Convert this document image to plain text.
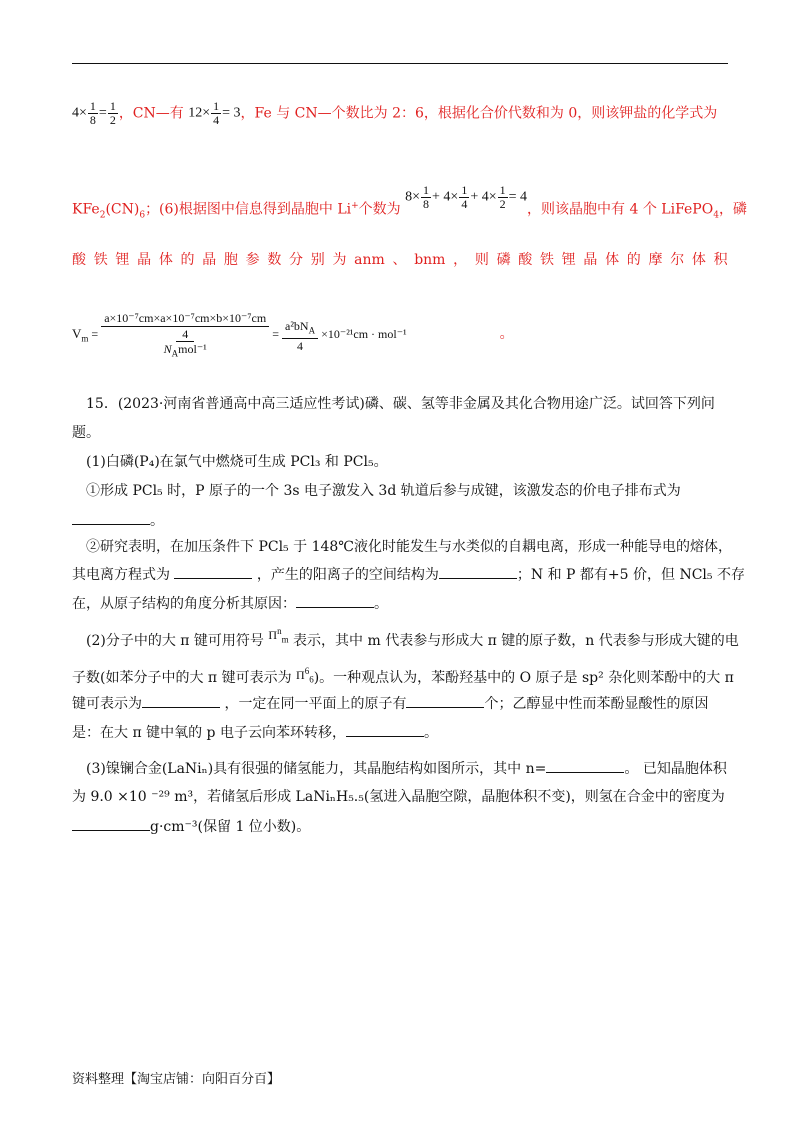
$4\times \frac{1}{8} = \frac{1}{2}$ ，CN—有 $12\times \frac{1}{4} = 3$，Fe 与 CN—个数比为 2：6，根据化合价代数和为 0，则该钾盐的化学式为
$KFe_2(CN)_6$；(6)根据图中信息得到晶胞中 Li+个数为 $8\times \frac{1}{8} + 4\times \frac{1}{4} + 4\times \frac{1}{2} = 4$，则该晶胞中有 4 个 LiFePO$_4$，磷
酸 铁 锂 晶 体 的 晶 胞 参 数 分 别 为 anm 、 bnm ， 则 磷 酸 铁 锂 晶 体 的 摩 尔 体 积
$V_m = a\times 10^{-7}cm\times a\times 10^{-7}cm\times b\times 10^{-7}cm$
4
$N_Amol^{-1} = \frac{a^2bN_A}{4} \times 10^{-21}cm \cdot mol^{-1}$	。
15．(2023·河南省普通高中高三适应性考试)磷、碳、氢等非金属及其化合物用途广泛。试回答下列问
题。
(1)白磷(P₄)在氯气中燃烧可生成 PCl₃ 和 PCl₅。
①形成 PCl₅ 时，P 原子的一个 3s 电子激发入 3d 轨道后参与成键，该激发态的价电子排布式为
。
②研究表明，在加压条件下 PCl₅ 于 148℃液化时能发生与水类似的自耦电离，形成一种能导电的熔体，
其电离方程式为	，产生的阳离子的空间结构为	；N 和 P 都有+5 价，但 NCl₅ 不存
在，从原子结构的角度分析其原因：	。
(2)分子中的大 π 键可用符号 $\Pi^n_m$ 表示，其中 m 代表参与形成大 π 键的原子数，n 代表参与形成大键的电
子数(如苯分子中的大 π 键可表示为 $\Pi^6_6$)。一种观点认为，苯酚羟基中的 O 原子是 sp² 杂化则苯酚中的大 π
键可表示为	，一定在同一平面上的原子有	个；乙醇显中性而苯酚显酸性的原因
是：在大 π 键中氧的 p 电子云向苯环转移，	。
(3)镍镧合金(LaNiₙ)具有很强的储氢能力，其晶胞结构如图所示，其中 n=	。 已知晶胞体积
为 9.0 ×10 ⁻²⁹ m³，若储氢后形成 LaNiₙH₅.₅(氢进入晶胞空隙，晶胞体积不变)，则氢在合金中的密度为
g·cm⁻³(保留 1 位小数)。
资料整理【淘宝店铺：向阳百分百】
